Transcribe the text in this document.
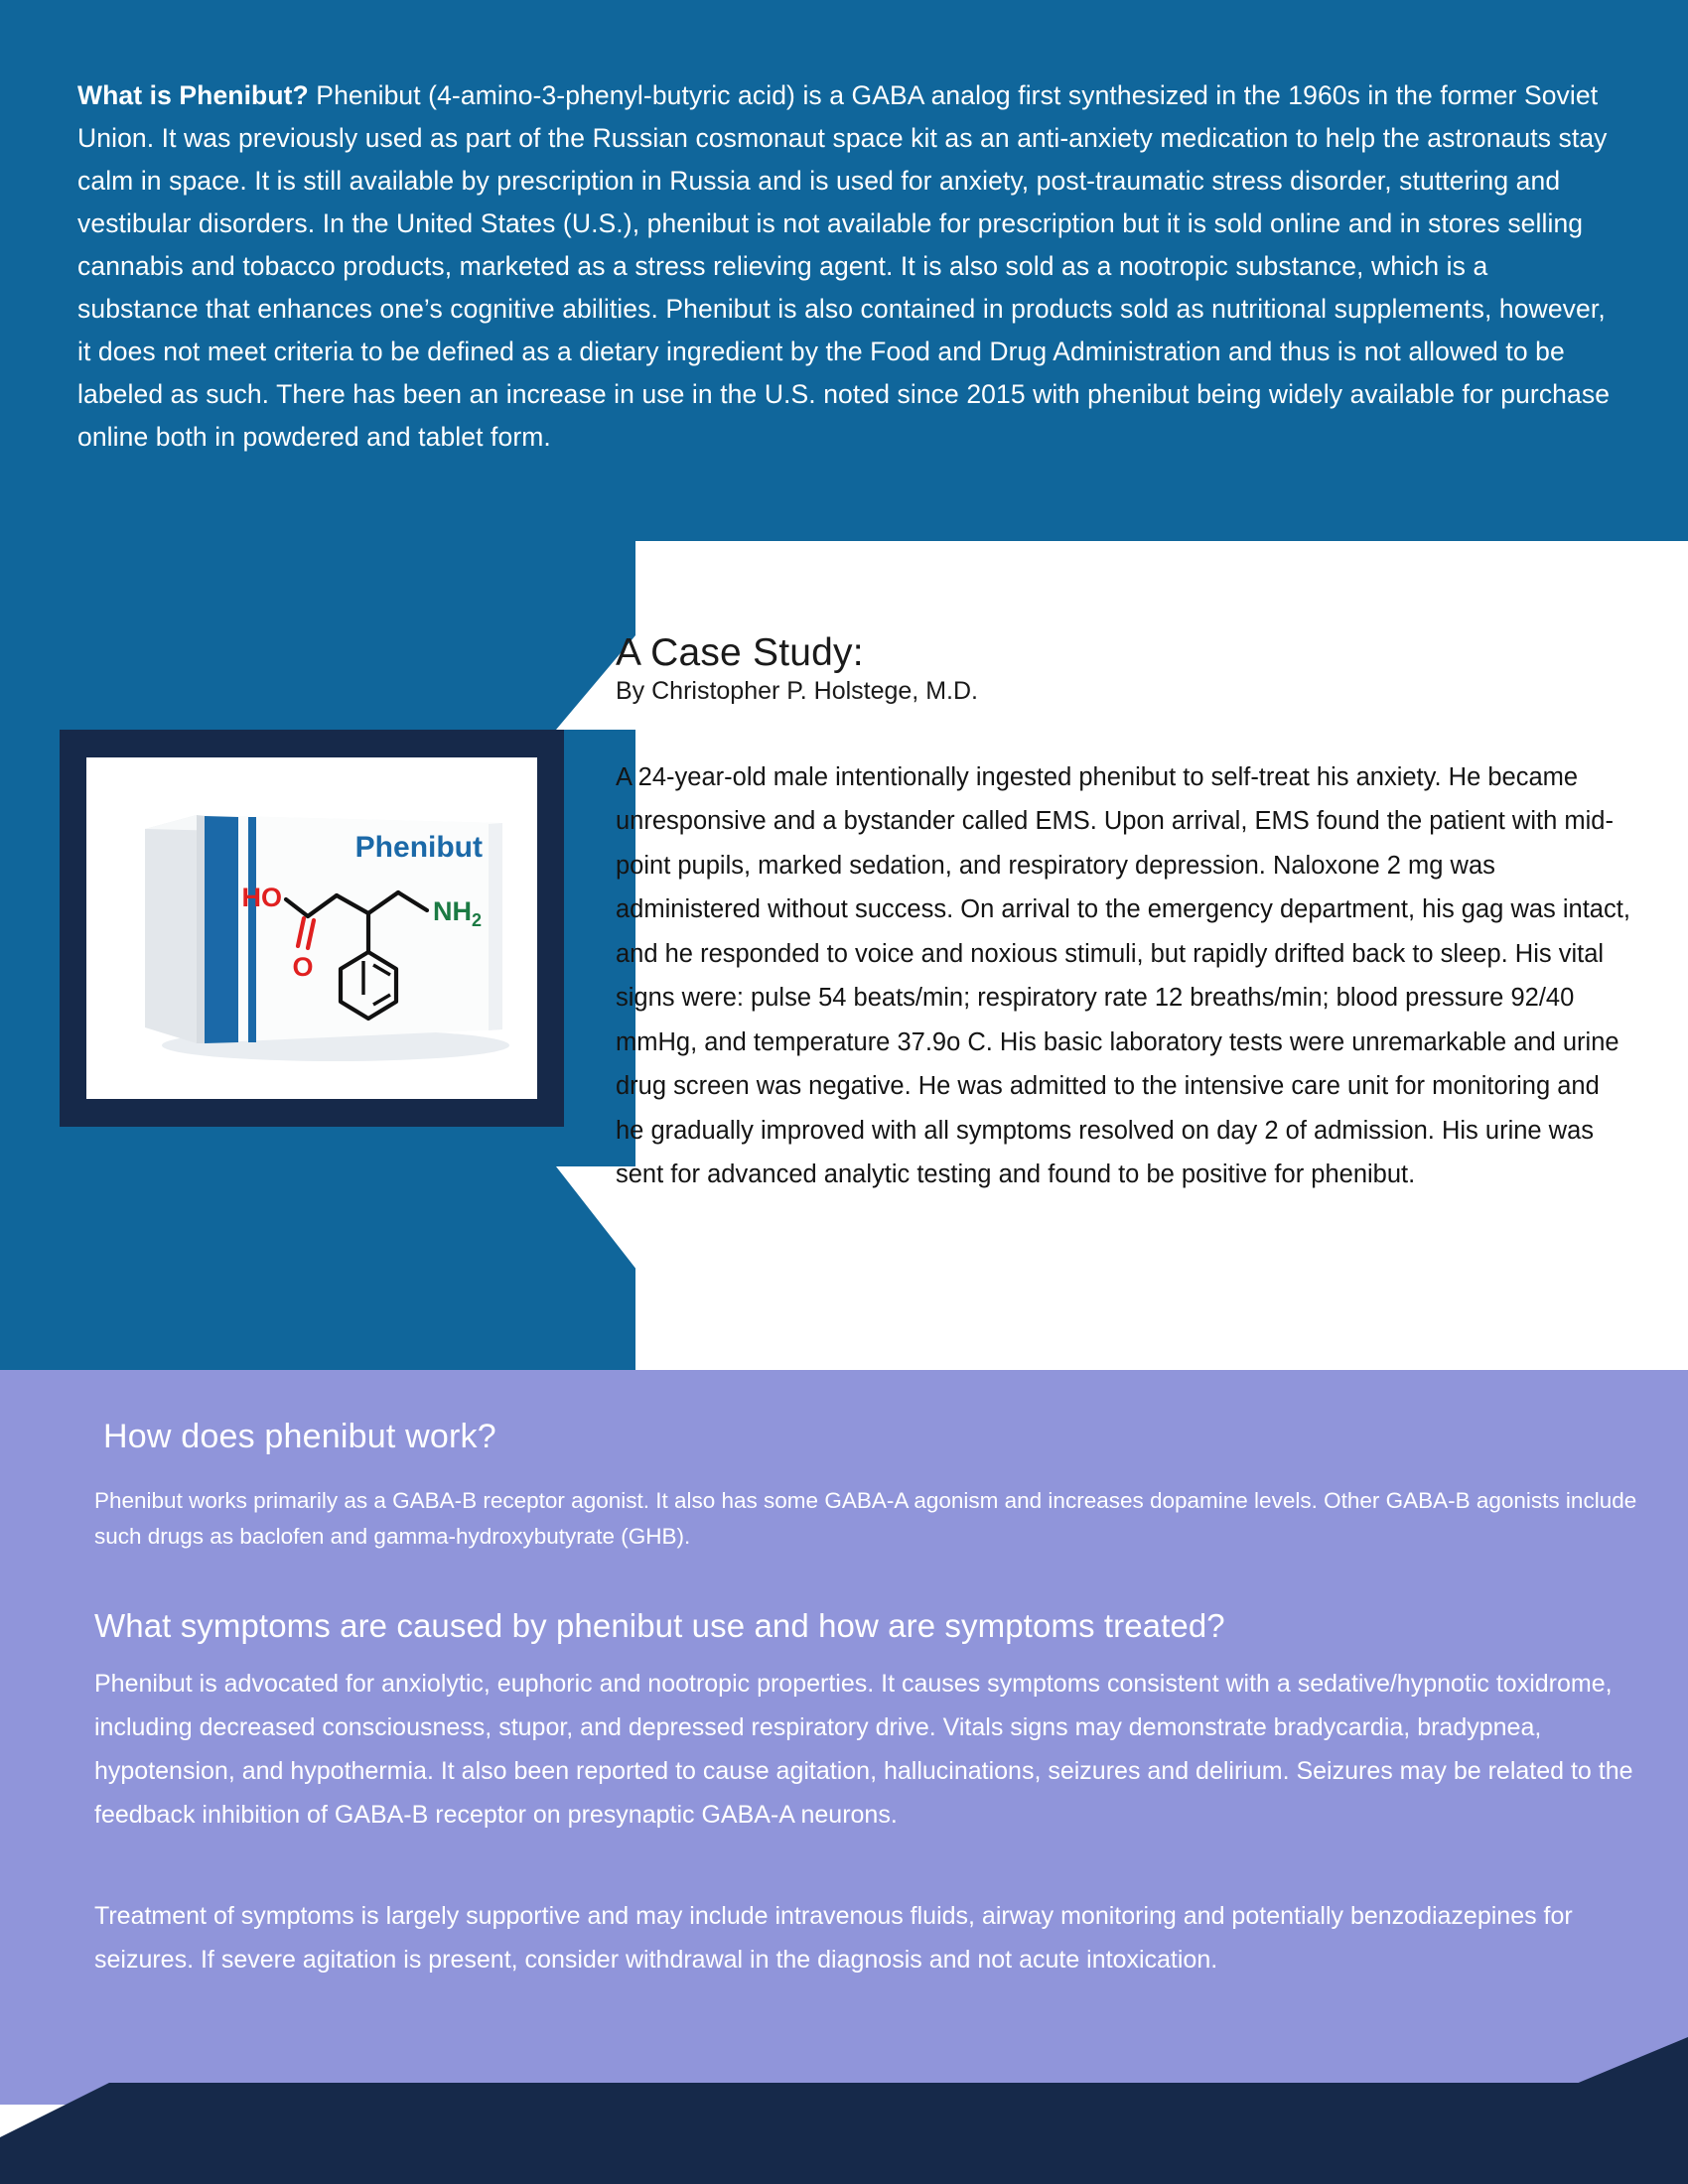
What is Phenibut? Phenibut (4-amino-3-phenyl-butyric acid) is a GABA analog first synthesized in the 1960s in the former Soviet Union. It was previously used as part of the Russian cosmonaut space kit as an anti-anxiety medication to help the astronauts stay calm in space. It is still available by prescription in Russia and is used for anxiety, post-traumatic stress disorder, stuttering and vestibular disorders. In the United States (U.S.), phenibut is not available for prescription but it is sold online and in stores selling cannabis and tobacco products, marketed as a stress relieving agent. It is also sold as a nootropic substance, which is a substance that enhances one’s cognitive abilities. Phenibut is also contained in products sold as nutritional supplements, however, it does not meet criteria to be defined as a dietary ingredient by the Food and Drug Administration and thus is not allowed to be labeled as such. There has been an increase in use in the U.S. noted since 2015 with phenibut being widely available for purchase online both in powdered and tablet form.

Phenibut
HO
O
$NH_2$
A Case Study:
By Christopher P. Holstege, M.D.

A 24-year-old male intentionally ingested phenibut to self-treat his anxiety. He became unresponsive and a bystander called EMS. Upon arrival, EMS found the patient with mid-point pupils, marked sedation, and respiratory depression. Naloxone 2 mg was administered without success. On arrival to the emergency department, his gag was intact, and he responded to voice and noxious stimuli, but rapidly drifted back to sleep. His vital signs were: pulse 54 beats/min; respiratory rate 12 breaths/min; blood pressure 92/40 mmHg, and temperature 37.9o C. His basic laboratory tests were unremarkable and urine drug screen was negative. He was admitted to the intensive care unit for monitoring and he gradually improved with all symptoms resolved on day 2 of admission. His urine was sent for advanced analytic testing and found to be positive for phenibut.

How does phenibut work?

Phenibut works primarily as a GABA-B receptor agonist. It also has some GABA-A agonism and increases dopamine levels. Other GABA-B agonists include such drugs as baclofen and gamma-hydroxybutyrate (GHB).

What symptoms are caused by phenibut use and how are symptoms treated?

Phenibut is advocated for anxiolytic, euphoric and nootropic properties. It causes symptoms consistent with a sedative/hypnotic toxidrome, including decreased consciousness, stupor, and depressed respiratory drive. Vitals signs may demonstrate bradycardia, bradypnea, hypotension, and hypothermia. It also been reported to cause agitation, hallucinations, seizures and delirium. Seizures may be related to the feedback inhibition of GABA-B receptor on presynaptic GABA-A neurons.

Treatment of symptoms is largely supportive and may include intravenous fluids, airway monitoring and potentially benzodiazepines for seizures. If severe agitation is present, consider withdrawal in the diagnosis and not acute intoxication.
